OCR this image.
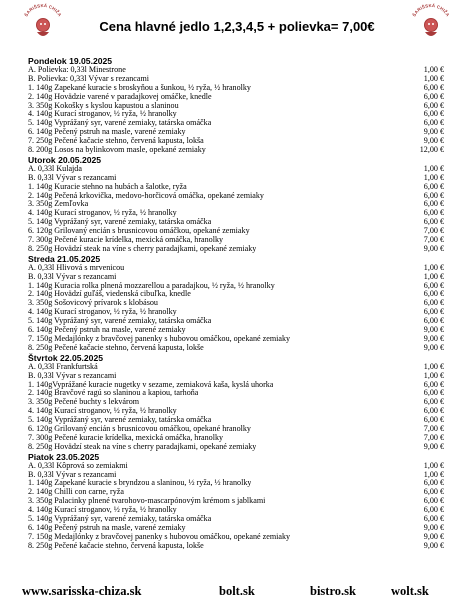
ŠARIŠSKÁ CHIŽA	ŠARIŠSKÁ CHIŽA
Cena hlavné jedlo 1,2,3,4,5 + polievka= 7,00€
Pondelok 19.05.2025
A. Polievka: 0,33l Minestrone	1,00 €
B. Polievka: 0,33l Vývar s rezancami	1,00 €
1. 140g Zapekané kuracie s broskyňou a šunkou, ½ ryža, ½ hranolky	6,00 €
2. 140g Hovädzie varené v paradajkovej omáčke, knedle	6,00 €
3. 350g Kokošky s kyslou kapustou a slaninou	6,00 €
4. 140g Kurací stroganov, ½ ryža, ½ hranolky	6,00 €
5. 140g Vyprážaný syr, varené zemiaky, tatárska omáčka	6,00 €
6. 140g Pečený pstruh na masle, varené zemiaky	9,00 €
7. 250g Pečené kačacie stehno, červená kapusta, lokša	9,00 €
8. 200g Losos na bylinkovom masle, opekané zemiaky	12,00 €
Utorok 20.05.2025
A. 0,33l Kulajda	1,00 €
B. 0,33l Vývar s rezancami	1,00 €
1. 140g Kuracie stehno na hubách a šalotke, ryža	6,00 €
2. 140g Pečená krkovička, medovo-horčicová omáčka, opekané zemiaky	6,00 €
3. 350g Žemľovka	6,00 €
4. 140g Kurací stroganov, ½ ryža, ½ hranolky	6,00 €
5. 140g Vyprážaný syr, varené zemiaky, tatárska omáčka	6,00 €
6. 120g Grilovaný encián s brusnicovou omáčkou, opekané zemiaky	7,00 €
7. 300g Pečené kuracie krídelka, mexická omáčka, hranolky	7,00 €
8. 250g Hovädzí steak na víne s cherry paradajkami, opekané zemiaky	9,00 €
Streda 21.05.2025
A. 0,33l Hlivová s mrvenicou	1,00 €
B. 0,33l Vývar s rezancami	1,00 €
1. 140g Kuracia rolka plnená mozzarellou a paradajkou, ½ ryža, ½ hranolky	6,00 €
2. 140g Hovädzí guľáš, viedenská cibuľka, knedle	6,00 €
3. 350g Šošovicový prívarok s klobásou	6,00 €
4. 140g Kurací stroganov, ½ ryža, ½ hranolky	6,00 €
5. 140g Vyprážaný syr, varené zemiaky, tatárska omáčka	6,00 €
6. 140g Pečený pstruh na masle, varené zemiaky	9,00 €
7. 150g Medajlónky z bravčovej panenky s hubovou omáčkou, opekané zemiaky	9,00 €
8. 250g Pečené kačacie stehno, červená kapusta, lokše	9,00 €
Štvrtok 22.05.2025
A. 0,33l Frankfurtská	1,00 €
B. 0,33l Vývar s rezancami	1,00 €
1. 140gVyprážané kuracie nugetky v sezame, zemiaková kaša, kyslá uhorka	6,00 €
2. 140g Bravčové ragú so slaninou a kapiou, tarhoňa	6,00 €
3. 350g Pečené buchty s lekvárom	6,00 €
4. 140g Kurací stroganov, ½ ryža, ½ hranolky	6,00 €
5. 140g Vyprážaný syr, varené zemiaky, tatárska omáčka	6,00 €
6. 120g Grilovaný encián s brusnicovou omáčkou, opekané hranolky	7,00 €
7. 300g Pečené kuracie krídelka, mexická omáčka, hranolky	7,00 €
8. 250g Hovädzí steak na víne s cherry paradajkami, opekané zemiaky	9,00 €
Piatok 23.05.2025
A. 0,33l Kôprová so zemiakmi	1,00 €
B. 0,33l Vývar s rezancami	1,00 €
1. 140g Zapekané kuracie s bryndzou a slaninou, ½ ryža, ½ hranolky	6,00 €
2. 140g Chilli con carne, ryža	6,00 €
3. 350g Palacinky plnené tvarohovo-mascarpónovým krémom s jablkami	6,00 €
4. 140g Kurací stroganov, ½ ryža, ½ hranolky	6,00 €
5. 140g Vyprážaný syr, varené zemiaky, tatárska omáčka	6,00 €
6. 140g Pečený pstruh na masle, varené zemiaky	9,00 €
7. 150g Medajlónky z bravčovej panenky s hubovou omáčkou, opekané zemiaky	9,00 €
8. 250g Pečené kačacie stehno, červená kapusta, lokše	9,00 €
www.sarisska-chiza.sk	bolt.sk	bistro.sk	wolt.sk
